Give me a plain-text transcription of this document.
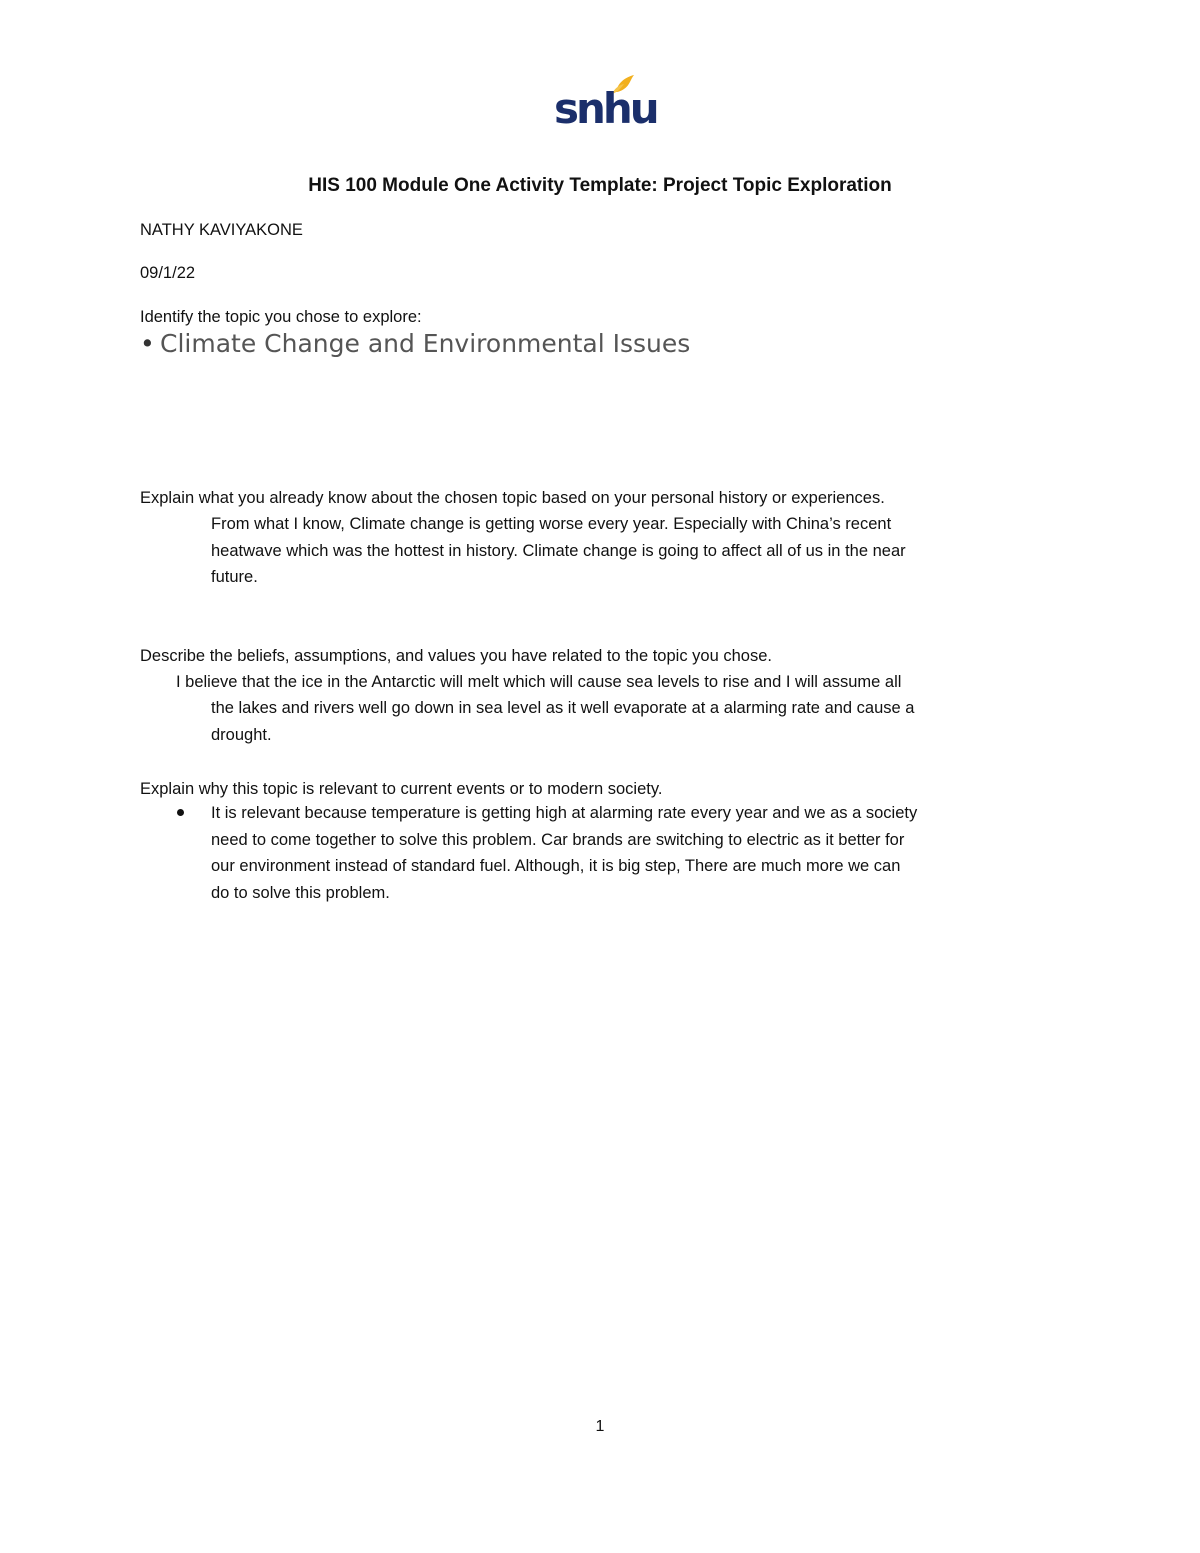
snhu
HIS 100 Module One Activity Template: Project Topic Exploration
NATHY KAVIYAKONE
09/1/22
Identify the topic you chose to explore:
• Climate Change and Environmental Issues
Explain what you already know about the chosen topic based on your personal history or experiences.
From what I know, Climate change is getting worse every year. Especially with China’s recent
heatwave which was the hottest in history. Climate change is going to affect all of us in the near
future.
Describe the beliefs, assumptions, and values you have related to the topic you chose.
I believe that the ice in the Antarctic will melt which will cause sea levels to rise and I will assume all
the lakes and rivers well go down in sea level as it well evaporate at a alarming rate and cause a
drought.
Explain why this topic is relevant to current events or to modern society.
It is relevant because temperature is getting high at alarming rate every year and we as a society
need to come together to solve this problem. Car brands are switching to electric as it better for
our environment instead of standard fuel. Although, it is big step, There are much more we can
do to solve this problem.
1
